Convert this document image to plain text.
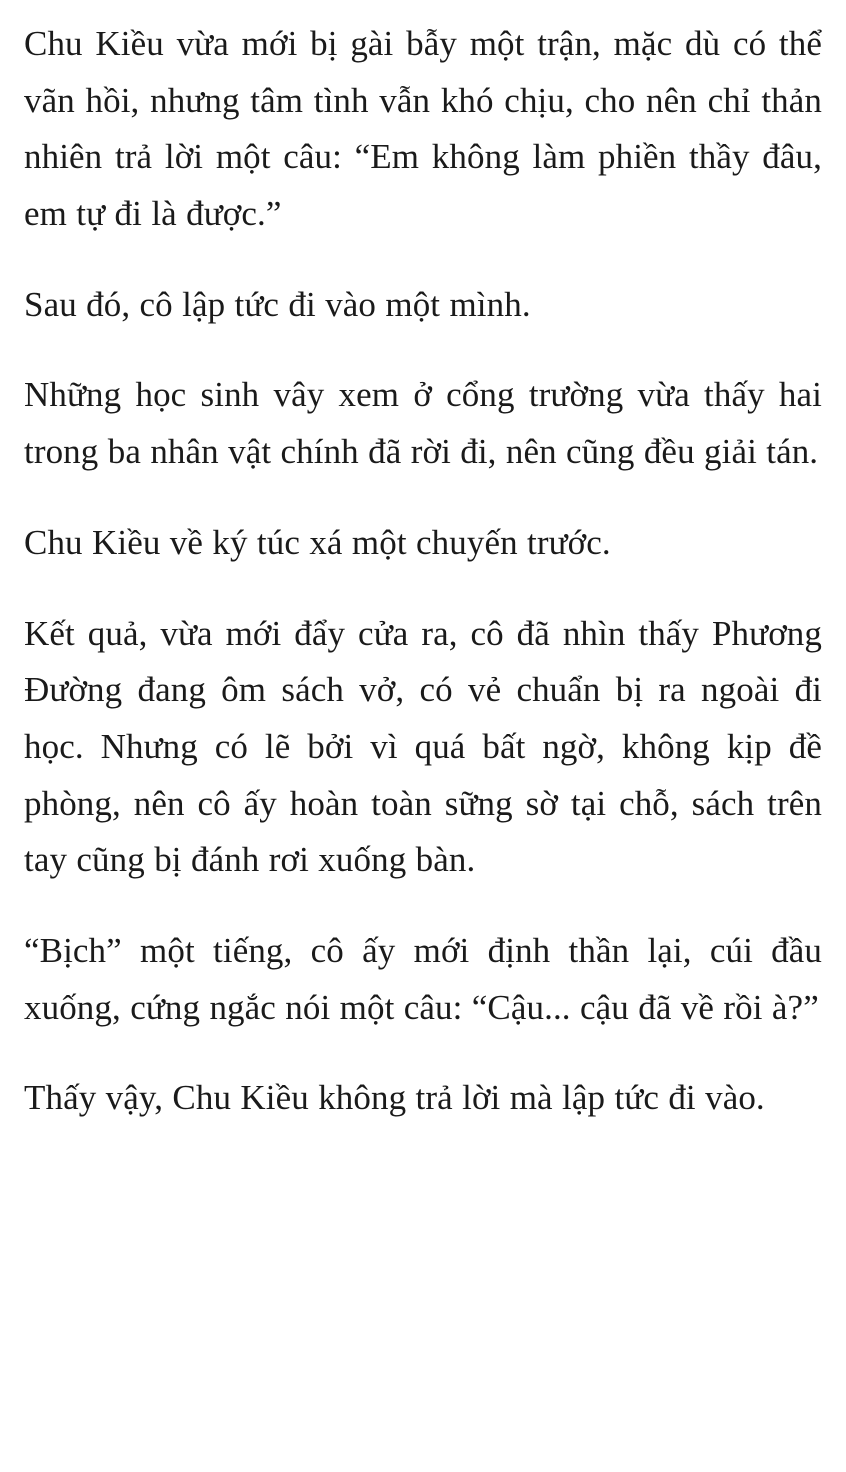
Chu Kiều vừa mới bị gài bẫy một trận, mặc dù có thể vãn hồi, nhưng tâm tình vẫn khó chịu, cho nên chỉ thản nhiên trả lời một câu: “Em không làm phiền thầy đâu, em tự đi là được.”

Sau đó, cô lập tức đi vào một mình.

Những học sinh vây xem ở cổng trường vừa thấy hai trong ba nhân vật chính đã rời đi, nên cũng đều giải tán.

Chu Kiều về ký túc xá một chuyến trước.

Kết quả, vừa mới đẩy cửa ra, cô đã nhìn thấy Phương Đường đang ôm sách vở, có vẻ chuẩn bị ra ngoài đi học. Nhưng có lẽ bởi vì quá bất ngờ, không kịp đề phòng, nên cô ấy hoàn toàn sững sờ tại chỗ, sách trên tay cũng bị đánh rơi xuống bàn.

“Bịch” một tiếng, cô ấy mới định thần lại, cúi đầu xuống, cứng ngắc nói một câu: “Cậu... cậu đã về rồi à?”

Thấy vậy, Chu Kiều không trả lời mà lập tức đi vào.
